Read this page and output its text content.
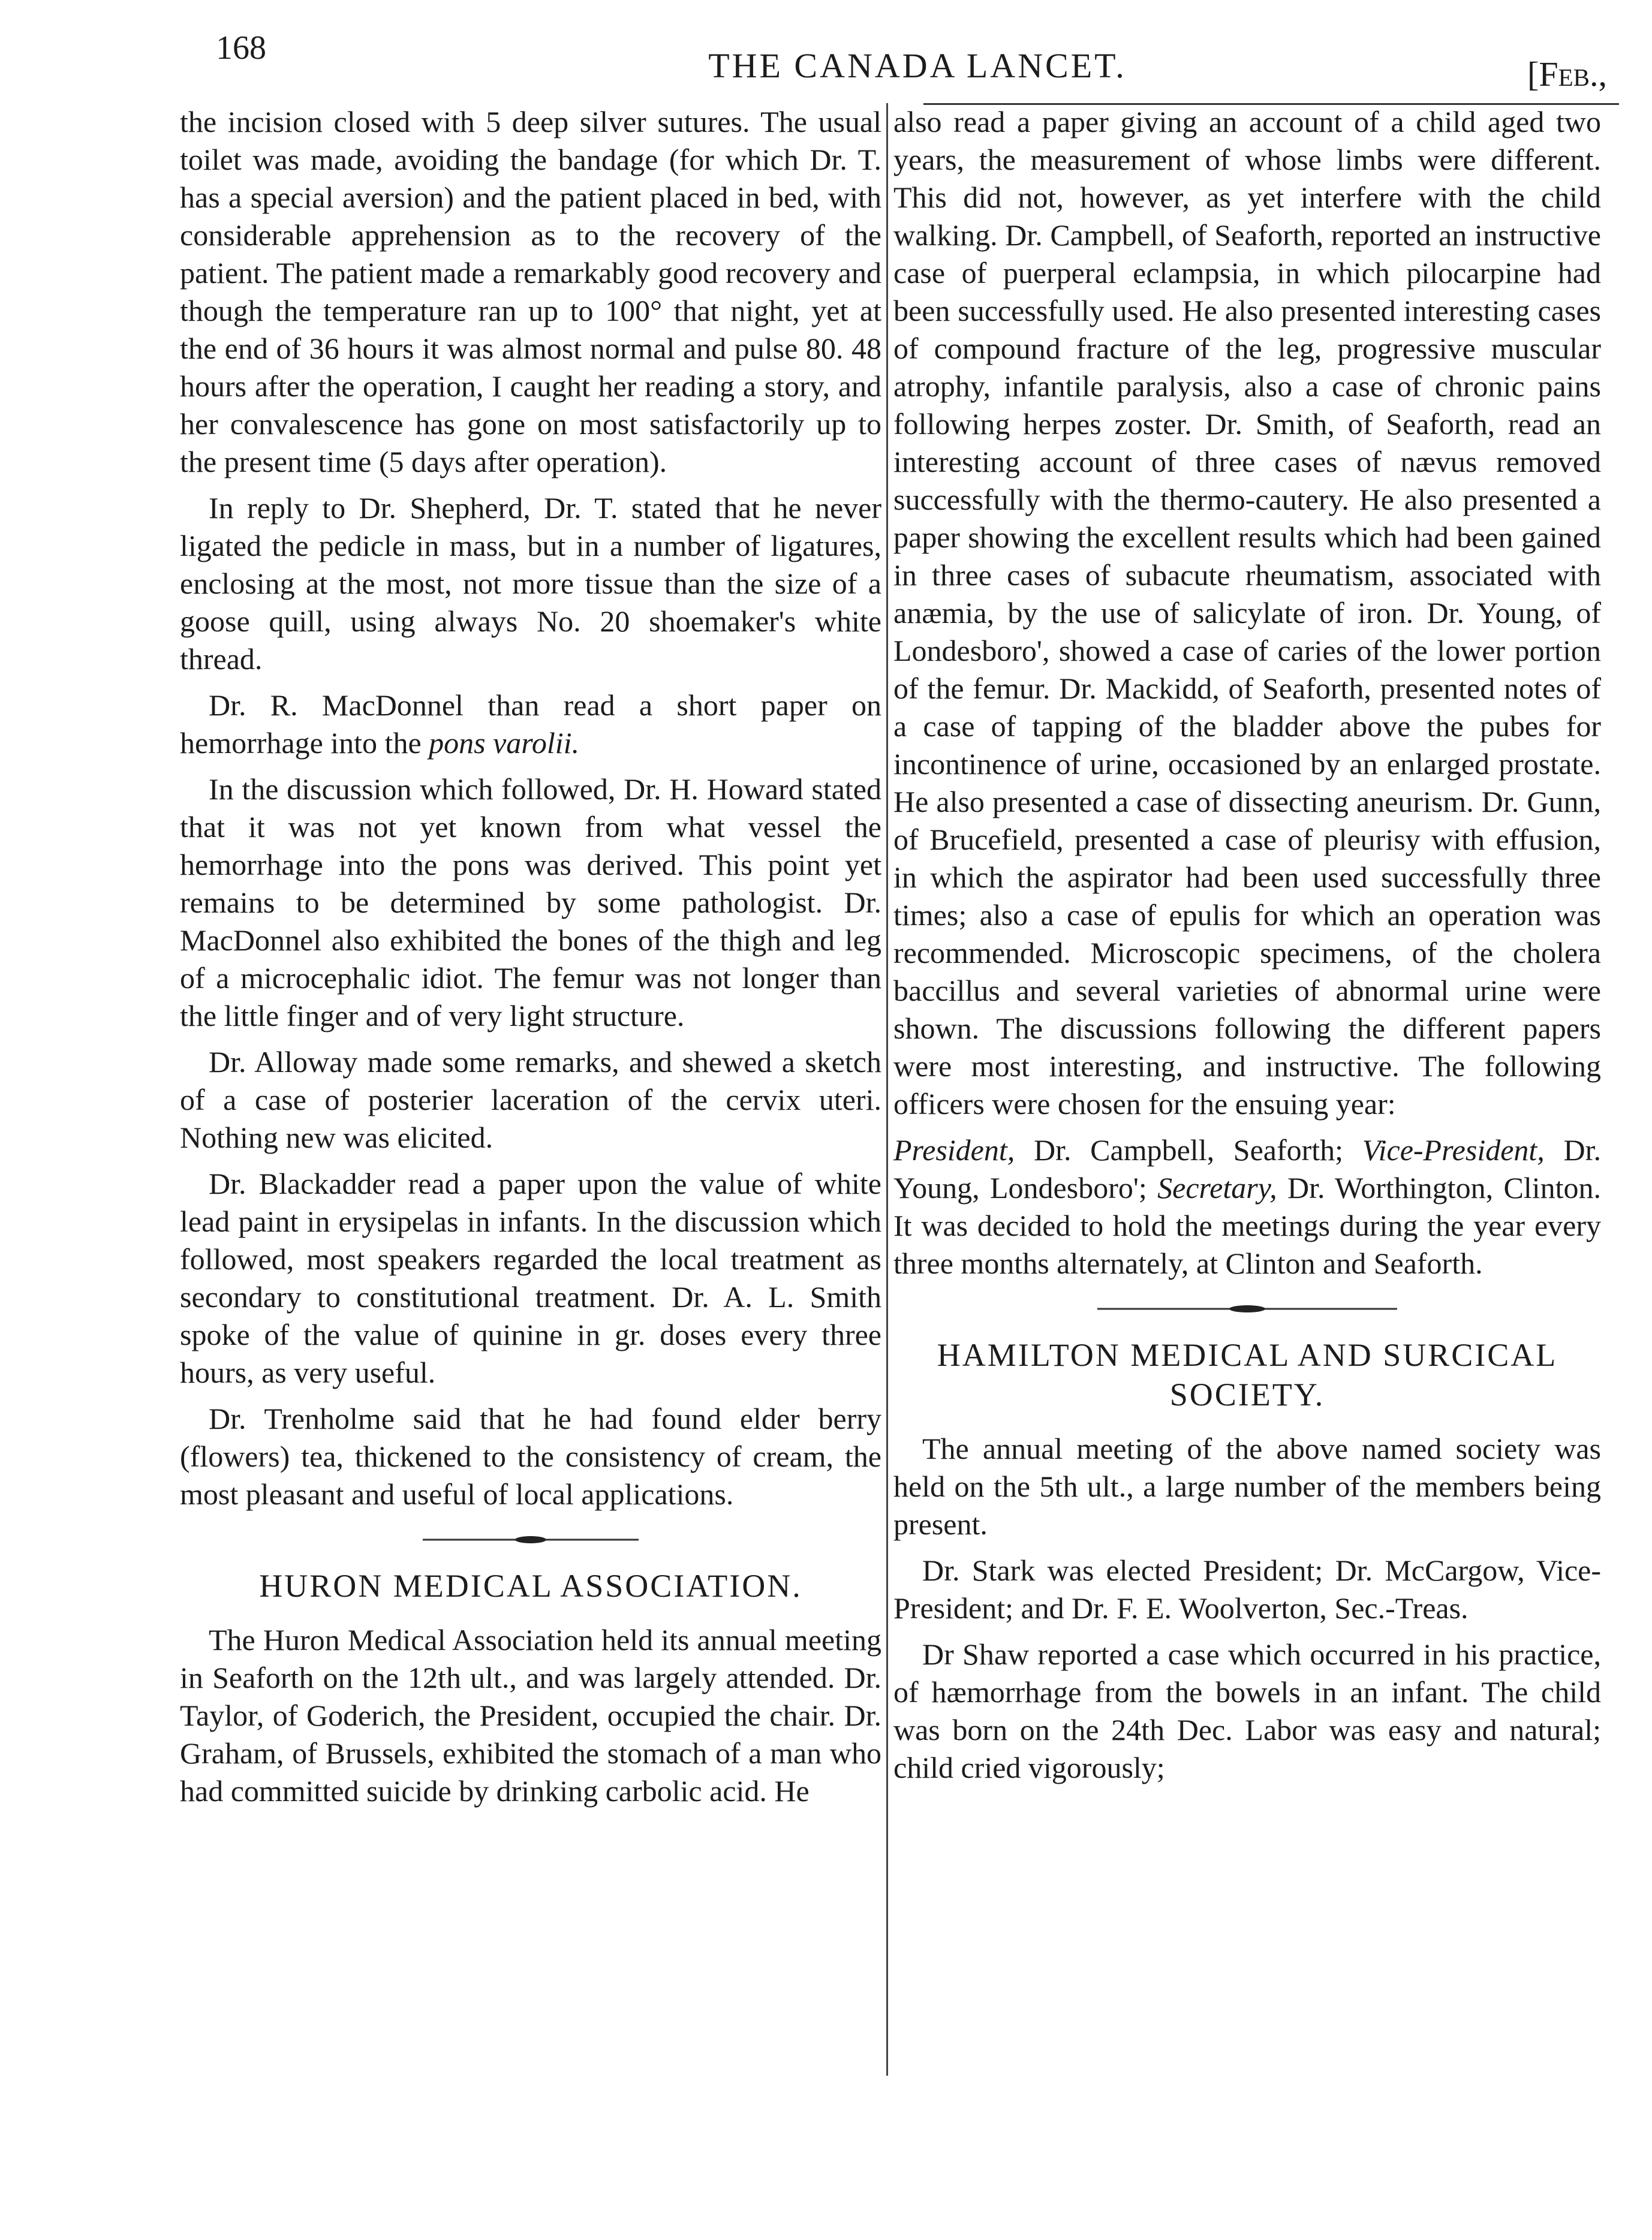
168	THE CANADA LANCET.	[Feb.,

the incision closed with 5 deep silver sutures. The usual toilet was made, avoiding the bandage (for which Dr. T. has a special aversion) and the patient placed in bed, with considerable apprehension as to the recovery of the patient. The patient made a remarkably good recovery and though the temperature ran up to 100° that night, yet at the end of 36 hours it was almost normal and pulse 80. 48 hours after the operation, I caught her reading a story, and her convalescence has gone on most satisfactorily up to the present time (5 days after operation).

In reply to Dr. Shepherd, Dr. T. stated that he never ligated the pedicle in mass, but in a number of ligatures, enclosing at the most, not more tissue than the size of a goose quill, using always No. 20 shoemaker's white thread.

Dr. R. MacDonnel than read a short paper on hemorrhage into the pons varolii.

In the discussion which followed, Dr. H. Howard stated that it was not yet known from what vessel the hemorrhage into the pons was derived. This point yet remains to be determined by some pathologist. Dr. MacDonnel also exhibited the bones of the thigh and leg of a microcephalic idiot. The femur was not longer than the little finger and of very light structure.

Dr. Alloway made some remarks, and shewed a sketch of a case of posterier laceration of the cervix uteri. Nothing new was elicited.

Dr. Blackadder read a paper upon the value of white lead paint in erysipelas in infants. In the discussion which followed, most speakers regarded the local treatment as secondary to constitutional treatment. Dr. A. L. Smith spoke of the value of quinine in gr. doses every three hours, as very useful.

Dr. Trenholme said that he had found elder berry (flowers) tea, thickened to the consistency of cream, the most pleasant and useful of local applications.

HURON MEDICAL ASSOCIATION.

The Huron Medical Association held its annual meeting in Seaforth on the 12th ult., and was largely attended. Dr. Taylor, of Goderich, the President, occupied the chair. Dr. Graham, of Brussels, exhibited the stomach of a man who had committed suicide by drinking carbolic acid. He

also read a paper giving an account of a child aged two years, the measurement of whose limbs were different. This did not, however, as yet interfere with the child walking. Dr. Campbell, of Seaforth, reported an instructive case of puerperal eclampsia, in which pilocarpine had been successfully used. He also presented interesting cases of compound fracture of the leg, progressive muscular atrophy, infantile paralysis, also a case of chronic pains following herpes zoster. Dr. Smith, of Seaforth, read an interesting account of three cases of nævus removed successfully with the thermo-cautery. He also presented a paper showing the excellent results which had been gained in three cases of subacute rheumatism, associated with anæmia, by the use of salicylate of iron. Dr. Young, of Londesboro', showed a case of caries of the lower portion of the femur. Dr. Mackidd, of Seaforth, presented notes of a case of tapping of the bladder above the pubes for incontinence of urine, occasioned by an enlarged prostate. He also presented a case of dissecting aneurism. Dr. Gunn, of Brucefield, presented a case of pleurisy with effusion, in which the aspirator had been used successfully three times; also a case of epulis for which an operation was recommended. Microscopic specimens, of the cholera baccillus and several varieties of abnormal urine were shown. The discussions following the different papers were most interesting, and instructive. The following officers were chosen for the ensuing year:

President, Dr. Campbell, Seaforth; Vice-President, Dr. Young, Londesboro'; Secretary, Dr. Worthington, Clinton. It was decided to hold the meetings during the year every three months alternately, at Clinton and Seaforth.

HAMILTON MEDICAL AND SURCICAL SOCIETY.

The annual meeting of the above named society was held on the 5th ult., a large number of the members being present.

Dr. Stark was elected President; Dr. McCargow, Vice-President; and Dr. F. E. Woolverton, Sec.-Treas.

Dr Shaw reported a case which occurred in his practice, of hæmorrhage from the bowels in an infant. The child was born on the 24th Dec. Labor was easy and natural; child cried vigorously;
